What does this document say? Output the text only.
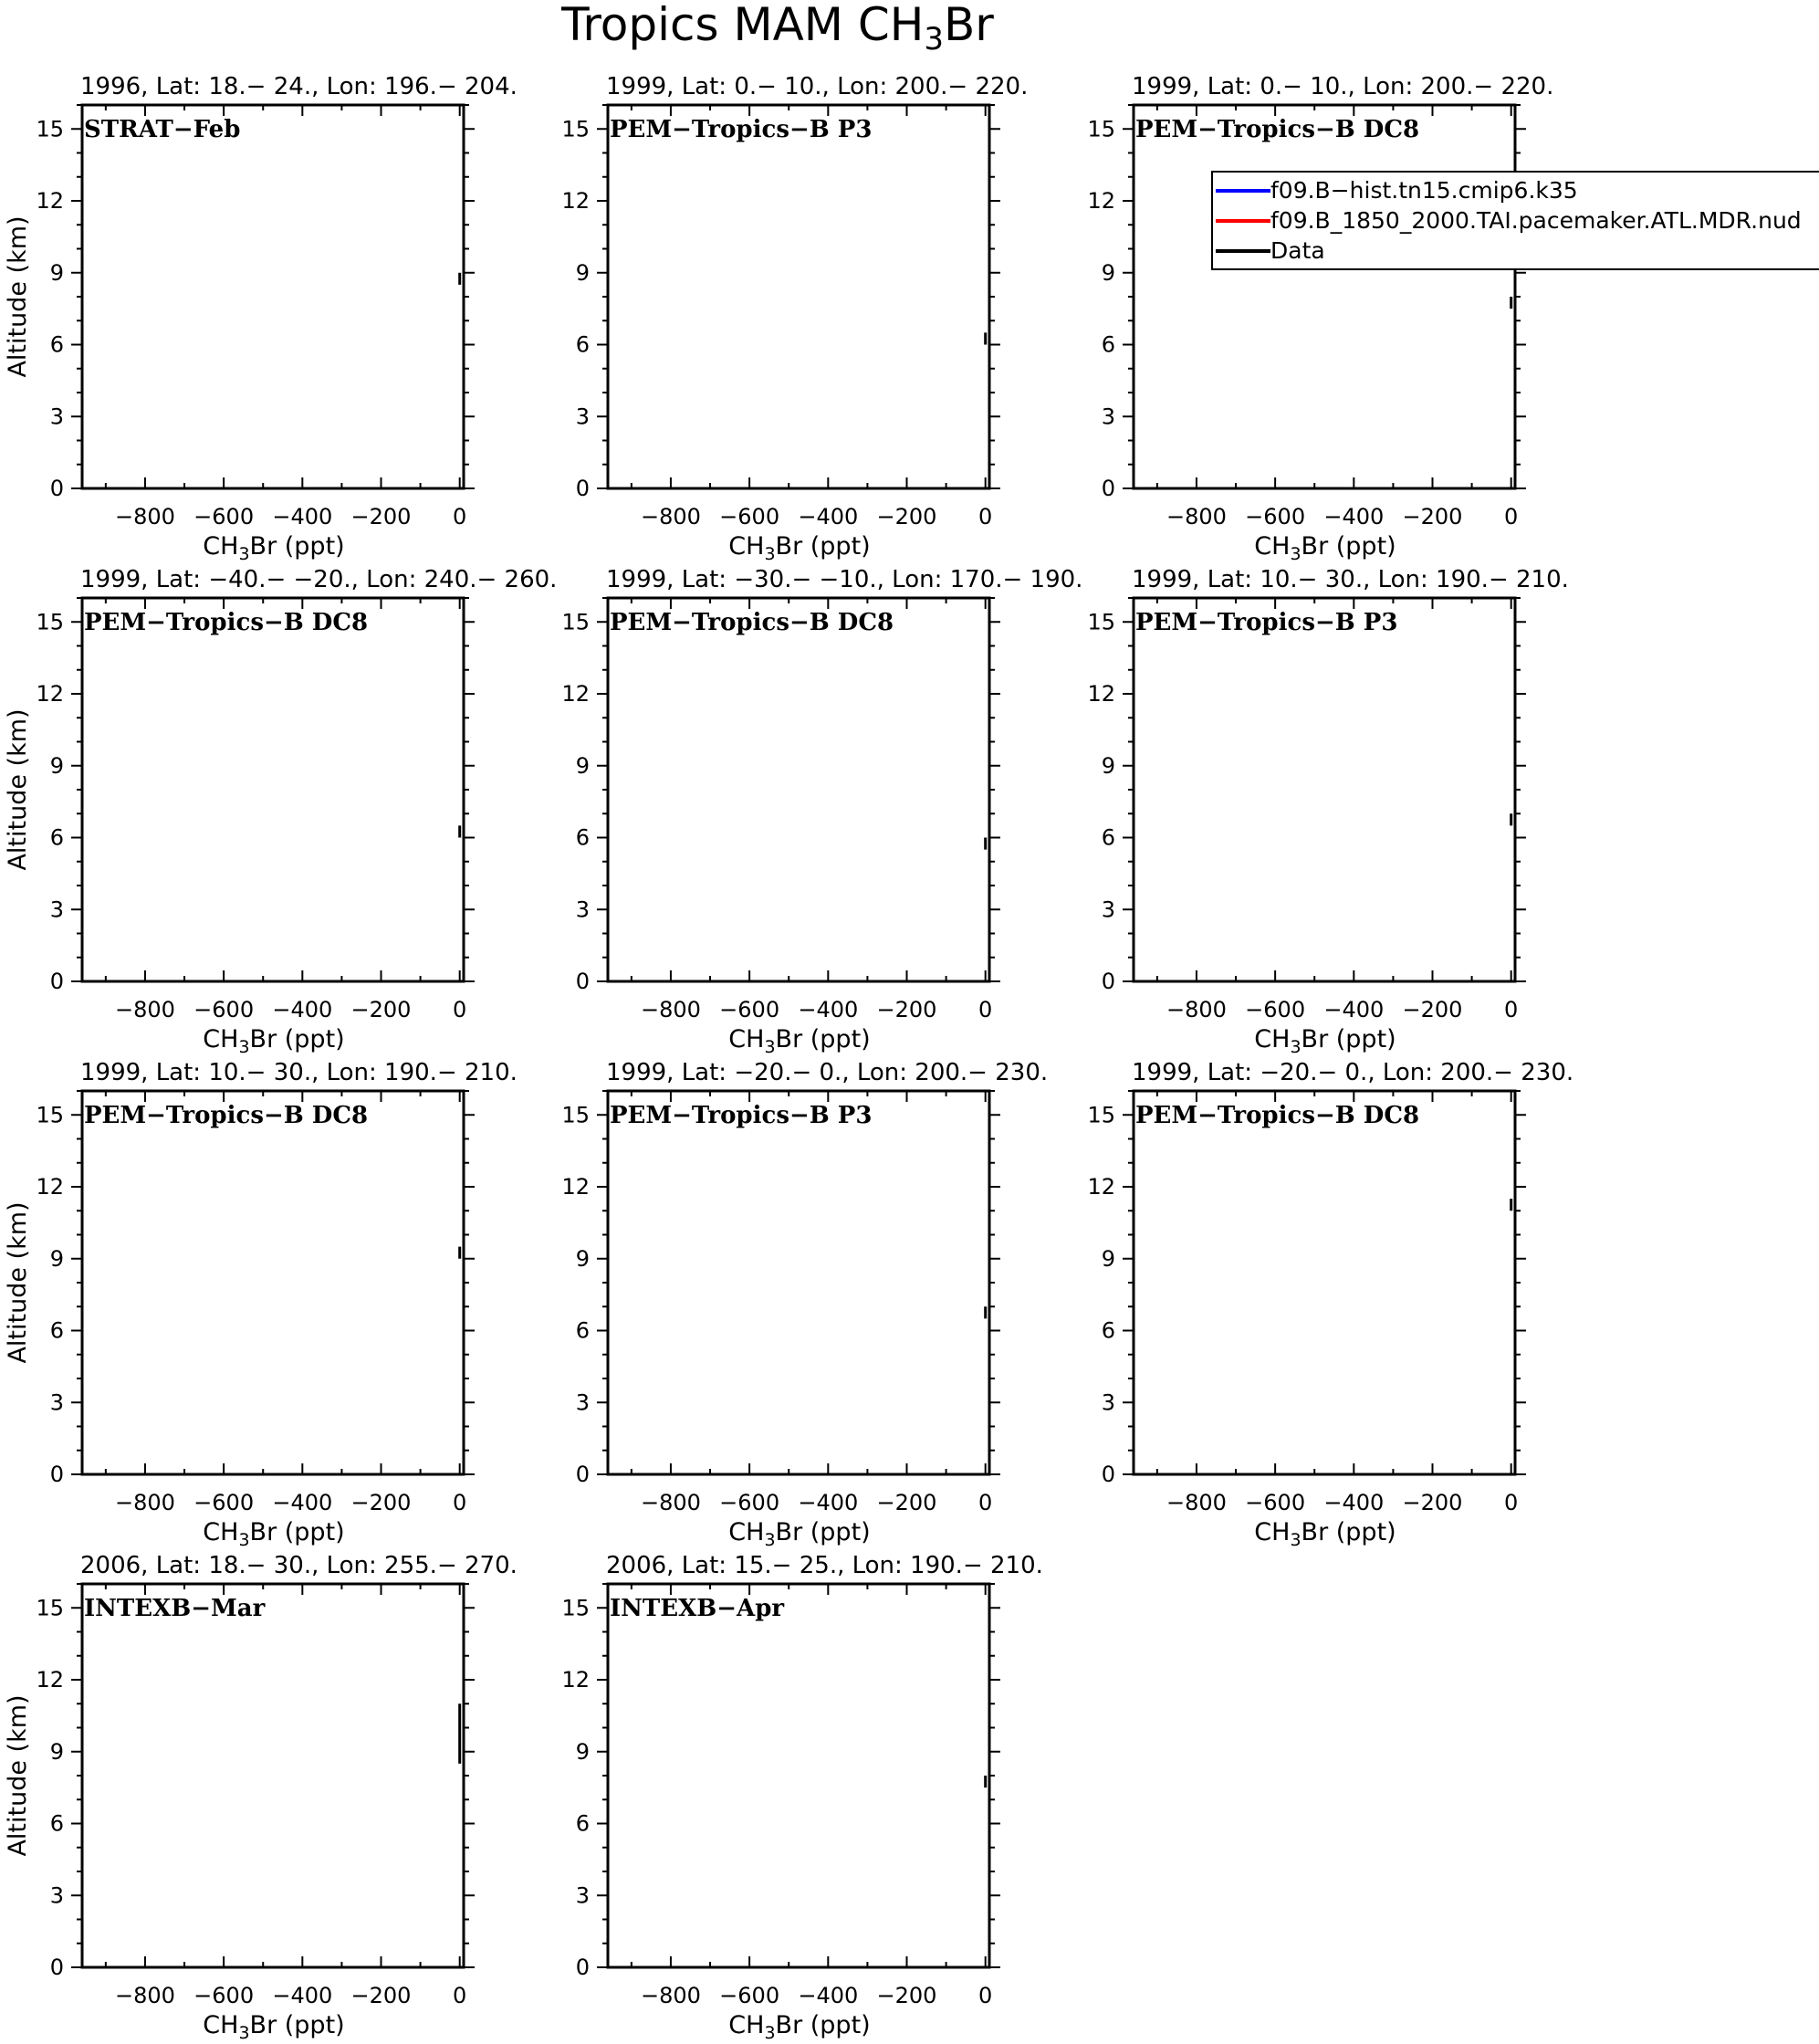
Tropics MAM $CH_3Br$
1996, Lat: 18.− 24., Lon: 196.− 204.
STRAT−Feb
−800 −600 −400 −200 0
0
3
6
9
12
15
$CH_3Br$ (ppt)
Altitude (km)
1999, Lat: 0.− 10., Lon: 200.− 220.
PEM−Tropics−B P3
−800 −600 −400 −200 0
0
3
6
9
12
15
$CH_3Br$ (ppt)
1999, Lat: 0.− 10., Lon: 200.− 220.
PEM−Tropics−B DC8
−800 −600 −400 −200 0
0
3
6
9
12
15
$CH_3Br$ (ppt)
1999, Lat: −40.− −20., Lon: 240.− 260.
PEM−Tropics−B DC8
−800 −600 −400 −200 0
0
3
6
9
12
15
$CH_3Br$ (ppt)
Altitude (km)
1999, Lat: −30.− −10., Lon: 170.− 190.
PEM−Tropics−B DC8
−800 −600 −400 −200 0
0
3
6
9
12
15
$CH_3Br$ (ppt)
1999, Lat: 10.− 30., Lon: 190.− 210.
PEM−Tropics−B P3
−800 −600 −400 −200 0
0
3
6
9
12
15
$CH_3Br$ (ppt)
1999, Lat: 10.− 30., Lon: 190.− 210.
PEM−Tropics−B DC8
−800 −600 −400 −200 0
0
3
6
9
12
15
$CH_3Br$ (ppt)
Altitude (km)
1999, Lat: −20.− 0., Lon: 200.− 230.
PEM−Tropics−B P3
−800 −600 −400 −200 0
0
3
6
9
12
15
$CH_3Br$ (ppt)
1999, Lat: −20.− 0., Lon: 200.− 230.
PEM−Tropics−B DC8
−800 −600 −400 −200 0
0
3
6
9
12
15
$CH_3Br$ (ppt)
2006, Lat: 18.− 30., Lon: 255.− 270.
INTEXB−Mar
−800 −600 −400 −200 0
0
3
6
9
12
15
$CH_3Br$ (ppt)
Altitude (km)
2006, Lat: 15.− 25., Lon: 190.− 210.
INTEXB−Apr
−800 −600 −400 −200 0
0
3
6
9
12
15
$CH_3Br$ (ppt)
f09.B−hist.tn15.cmip6.k35
f09.B_1850_2000.TAI.pacemaker.ATL.MDR.nud
Data
